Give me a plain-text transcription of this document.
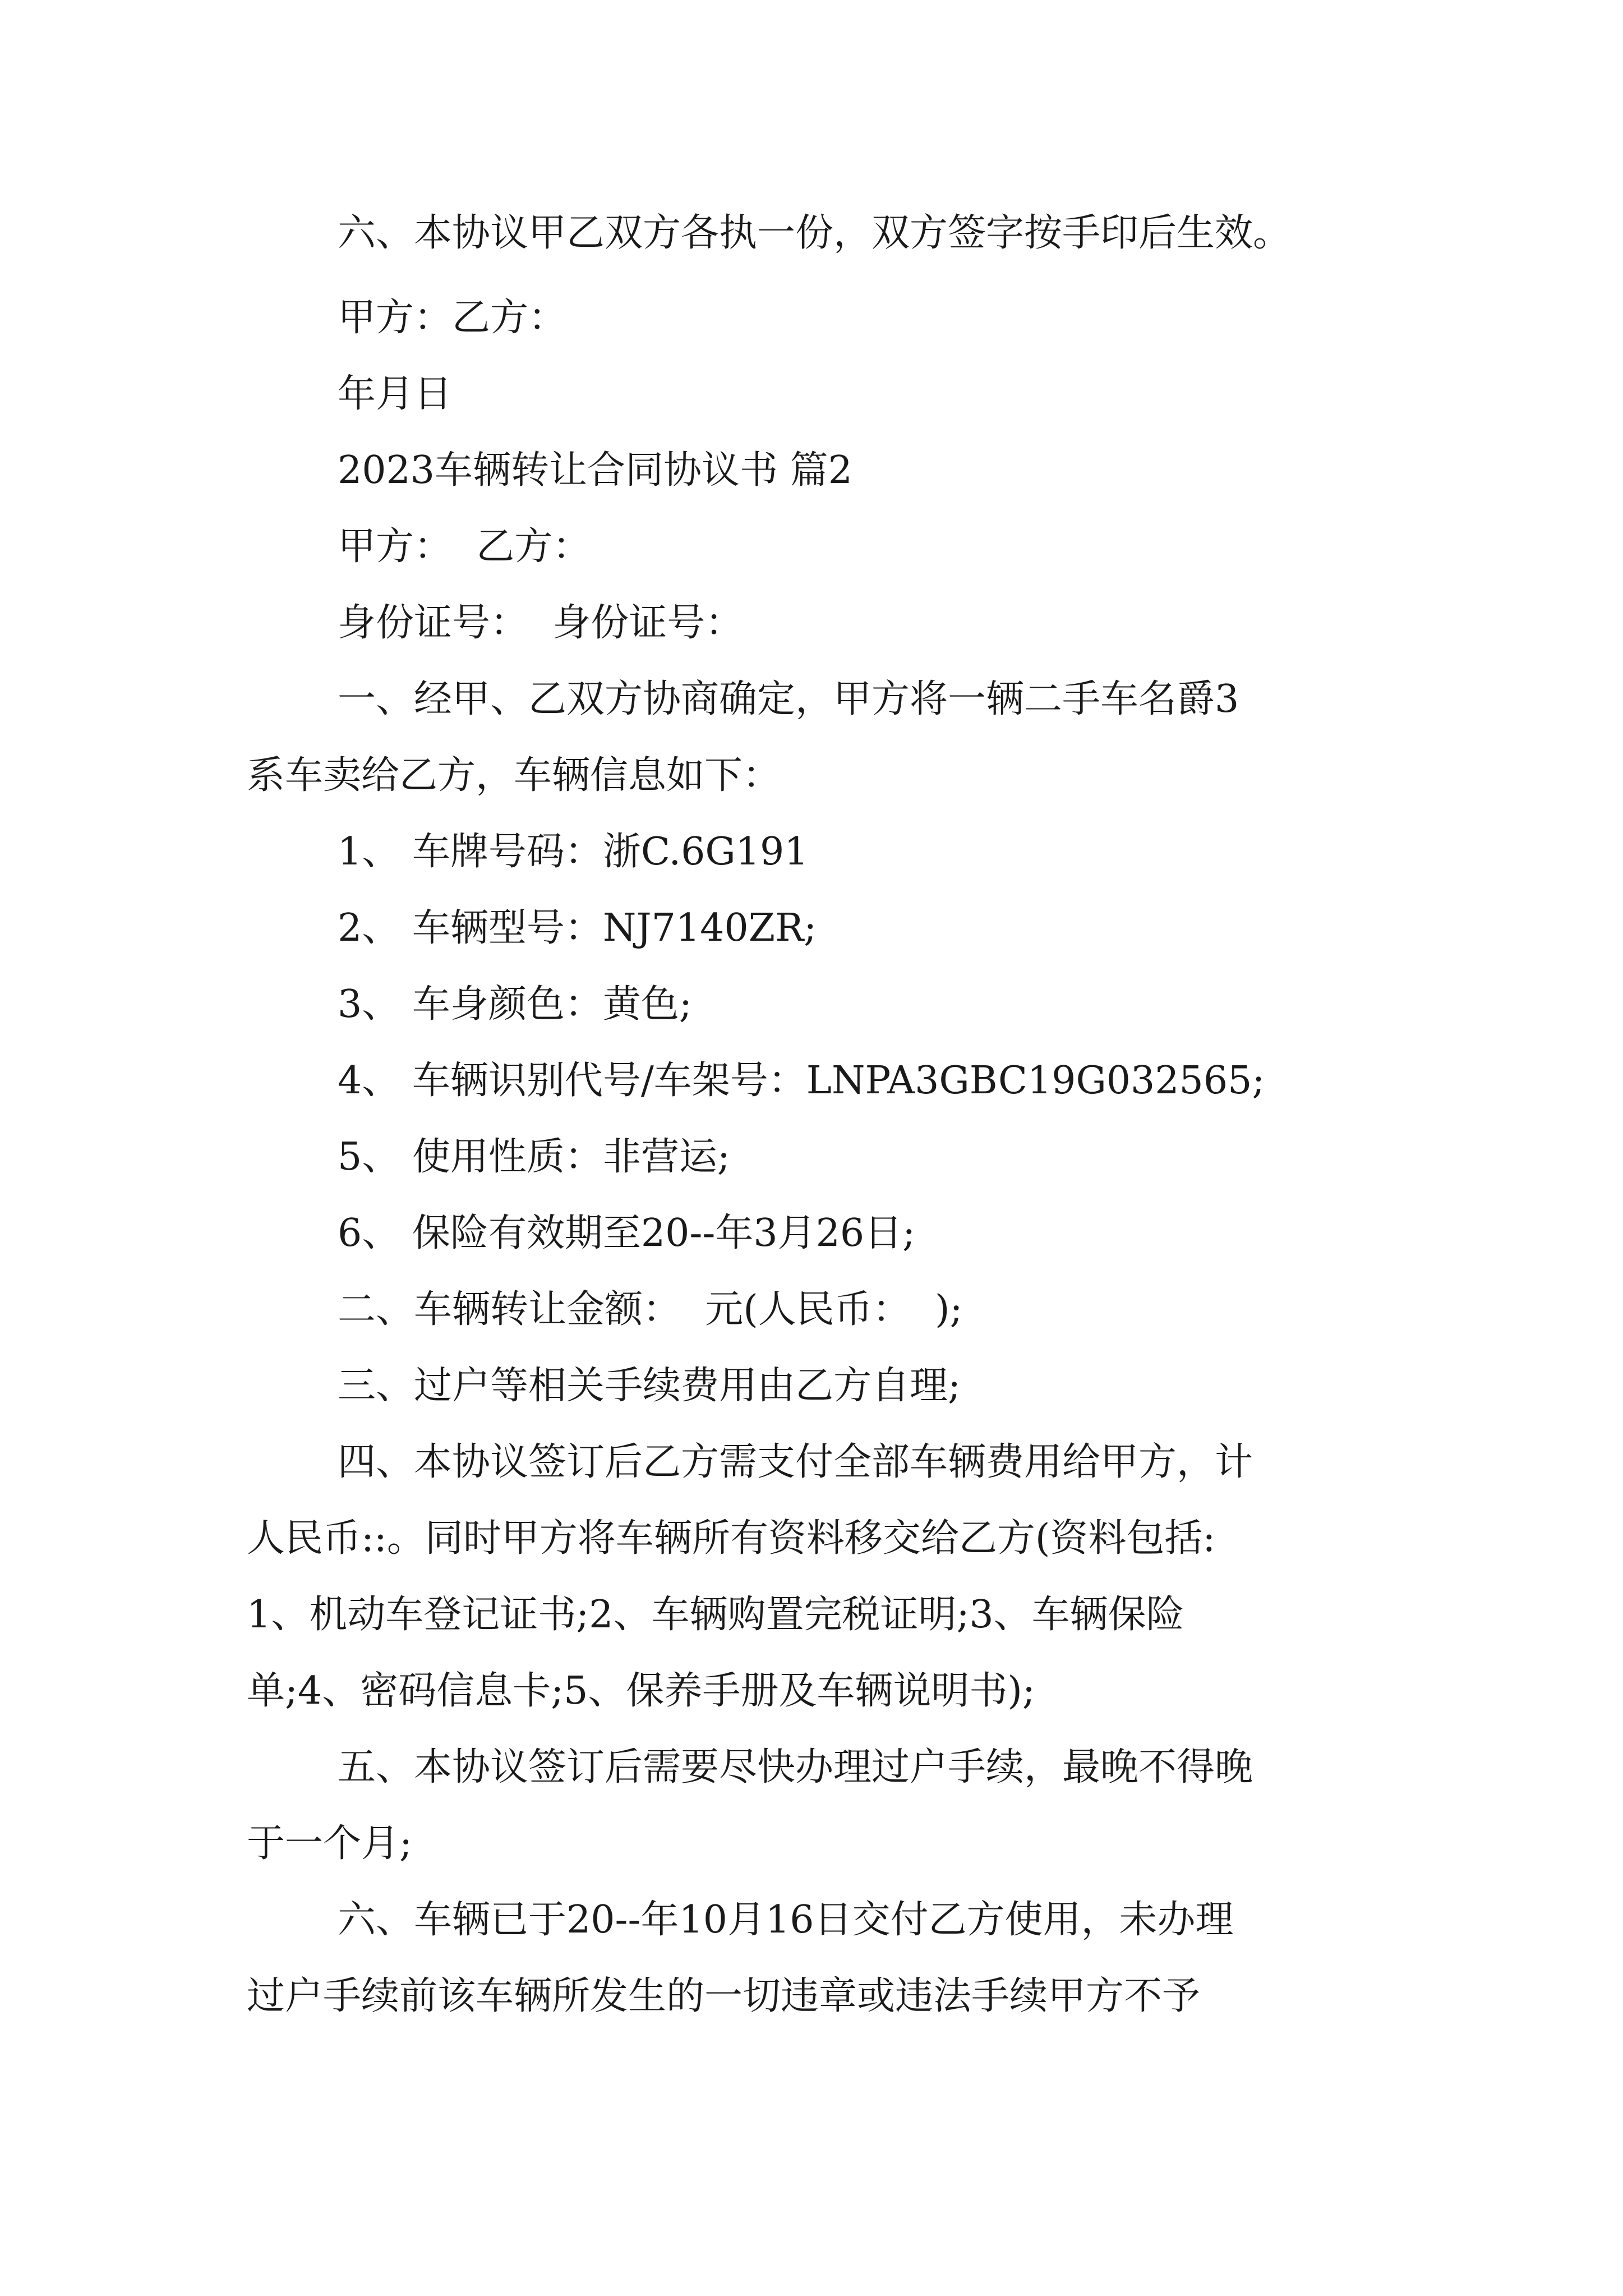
六、本协议甲乙双方各执一份，双方签字按手印后生效。
甲方：乙方：
年月日
2023车辆转让合同协议书 篇2
甲方：  乙方：
身份证号：  身份证号：
一、经甲、乙双方协商确定，甲方将一辆二手车名爵3
系车卖给乙方，车辆信息如下：
1、 车牌号码：浙C.6G191
2、 车辆型号：NJ7140ZR;
3、 车身颜色：黄色;
4、 车辆识别代号/车架号：LNPA3GBC19G032565;
5、 使用性质：非营运;
6、 保险有效期至20--年3月26日;
二、车辆转让金额：  元(人民币：  );
三、过户等相关手续费用由乙方自理;
四、本协议签订后乙方需支付全部车辆费用给甲方，计
人民币::。同时甲方将车辆所有资料移交给乙方(资料包括:
1、机动车登记证书;2、车辆购置完税证明;3、车辆保险
单;4、密码信息卡;5、保养手册及车辆说明书);
五、本协议签订后需要尽快办理过户手续，最晚不得晚
于一个月;
六、车辆已于20--年10月16日交付乙方使用，未办理
过户手续前该车辆所发生的一切违章或违法手续甲方不予
